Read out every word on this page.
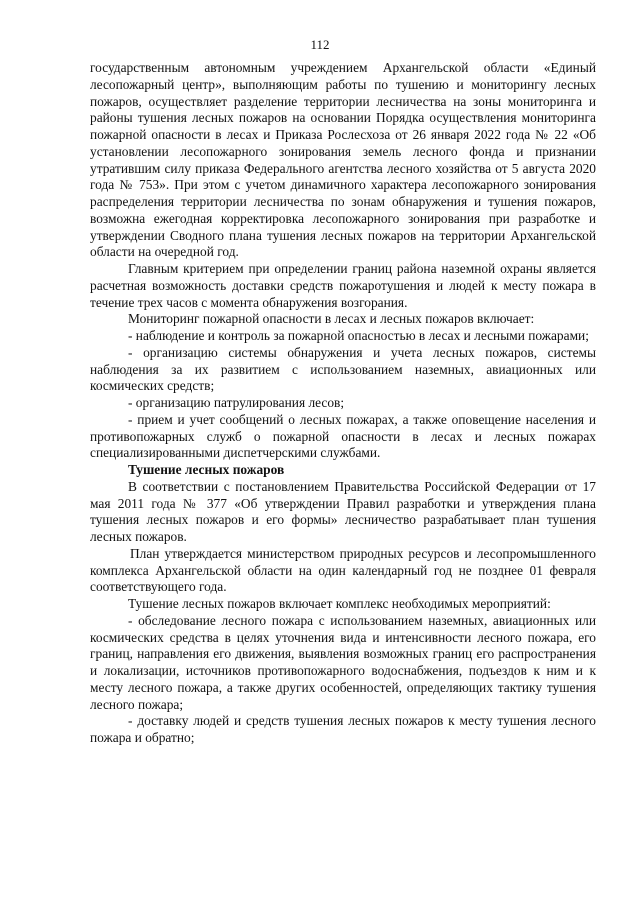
112

государственным автономным учреждением Архангельской области «Единый лесопожарный центр», выполняющим работы по тушению и мониторингу лесных пожаров, осуществляет разделение территории лесничества на зоны мониторинга и районы тушения лесных пожаров на основании Порядка осуществления мониторинга пожарной опасности в лесах и Приказа Рослесхоза от 26 января 2022 года № 22 «Об установлении лесопожарного зонирования земель лесного фонда и признании утратившим силу приказа Федерального агентства лесного хозяйства от 5 августа 2020 года № 753». При этом с учетом динамичного характера лесопожарного зонирования распределения территории лесничества по зонам обнаружения и тушения пожаров, возможна ежегодная корректировка лесопожарного зонирования при разработке и утверждении Сводного плана тушения лесных пожаров на территории Архангельской области на очередной год.

Главным критерием при определении границ района наземной охраны является расчетная возможность доставки средств пожаротушения и людей к месту пожара в течение трех часов с момента обнаружения возгорания.

Мониторинг пожарной опасности в лесах и лесных пожаров включает:

- наблюдение и контроль за пожарной опасностью в лесах и лесными пожарами;

- организацию системы обнаружения и учета лесных пожаров, системы наблюдения за их развитием с использованием наземных, авиационных или космических средств;

- организацию патрулирования лесов;

- прием и учет сообщений о лесных пожарах, а также оповещение населения и противопожарных служб о пожарной опасности в лесах и лесных пожарах специализированными диспетчерскими службами.

Тушение лесных пожаров

В соответствии с постановлением Правительства Российской Федерации от 17 мая 2011 года № 377 «Об утверждении Правил разработки и утверждения плана тушения лесных пожаров и его формы» лесничество разрабатывает план тушения лесных пожаров.

План утверждается министерством природных ресурсов и лесопромышленного комплекса Архангельской области на один календарный год не позднее 01 февраля соответствующего года.

Тушение лесных пожаров включает комплекс необходимых мероприятий:

- обследование лесного пожара с использованием наземных, авиационных или космических средства в целях уточнения вида и интенсивности лесного пожара, его границ, направления его движения, выявления возможных границ его распространения и локализации, источников противопожарного водоснабжения, подъездов к ним и к месту лесного пожара, а также других особенностей, определяющих тактику тушения лесного пожара;

- доставку людей и средств тушения лесных пожаров к месту тушения лесного пожара и обратно;
